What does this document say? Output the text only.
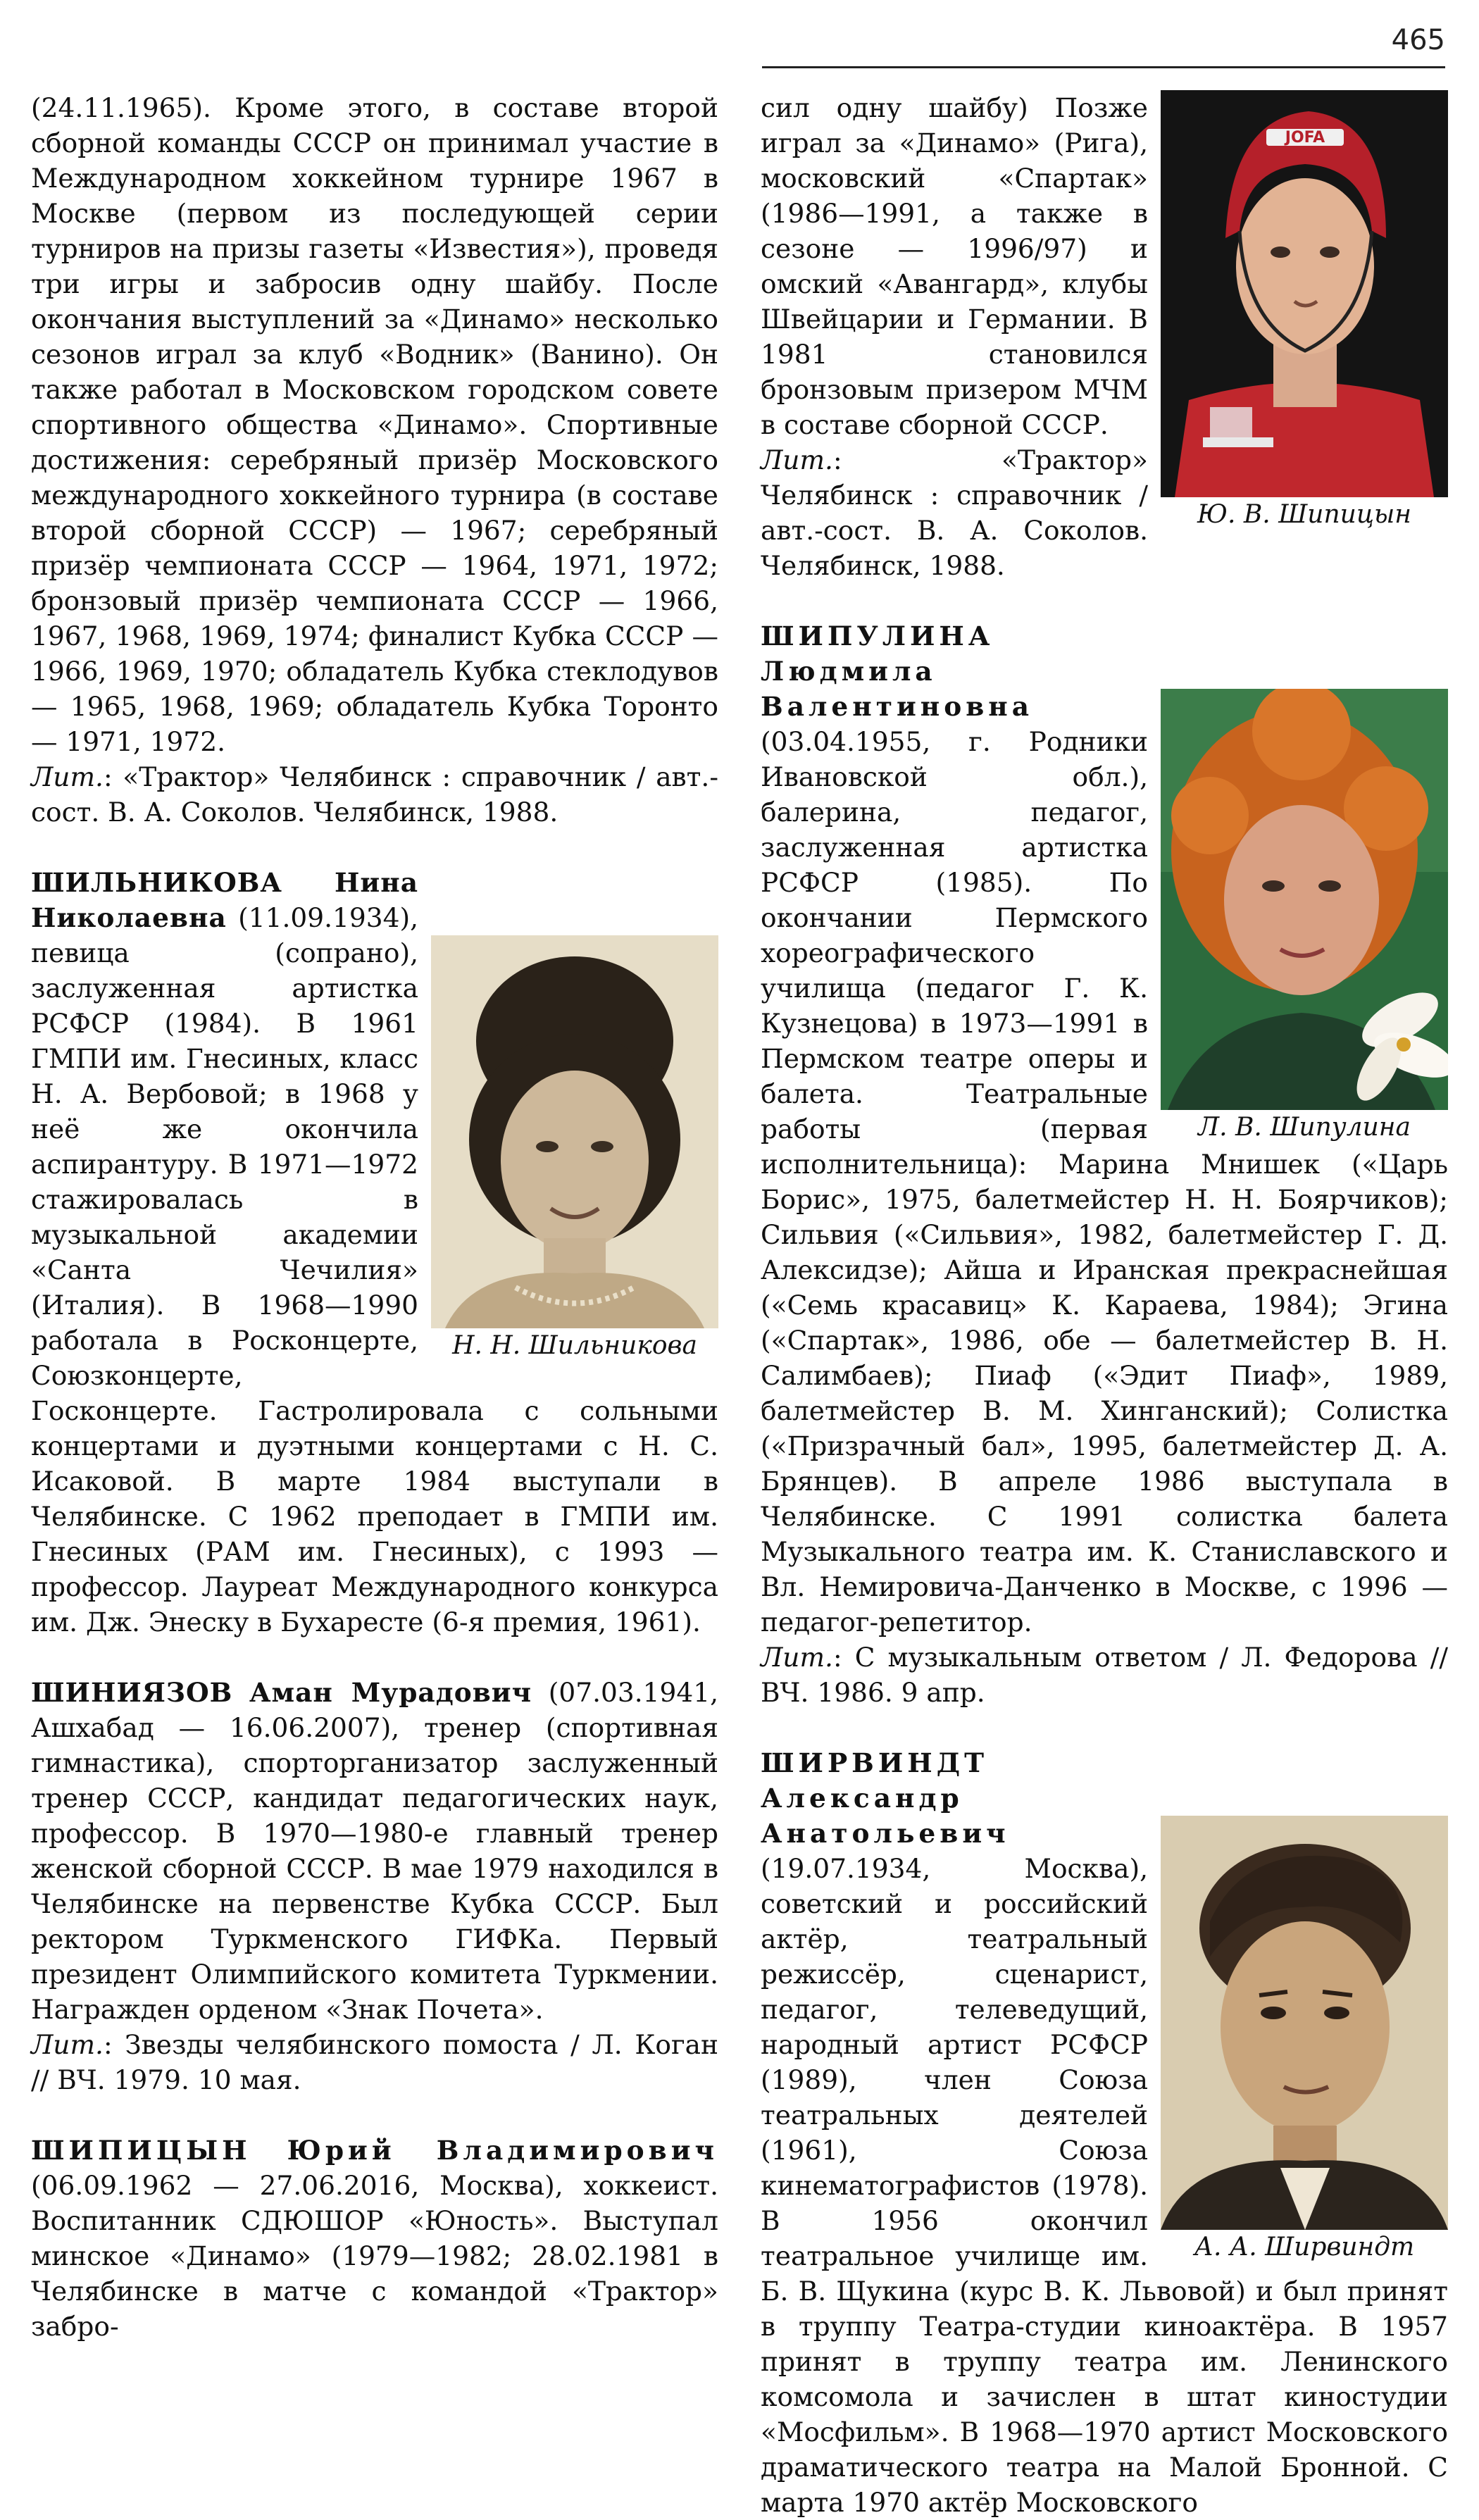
465

(24.11.1965). Кроме этого, в составе второй сборной команды СССР он принимал участие в Международном хоккейном турнире 1967 в Москве (первом из последующей серии турниров на призы газеты «Известия»), проведя три игры и забросив одну шайбу. После окончания выступлений за «Динамо» несколько сезонов играл за клуб «Водник» (Ванино). Он также работал в Московском городском совете спортивного общества «Динамо». Спортивные достижения: серебряный призёр Московского международного хоккейного турнира (в составе второй сборной СССР) — 1967; серебряный призёр чемпионата СССР — 1964, 1971, 1972; бронзовый призёр чемпионата СССР — 1966, 1967, 1968, 1969, 1974; финалист Кубка СССР — 1966, 1969, 1970; обладатель Кубка стеклодувов — 1965, 1968, 1969; обладатель Кубка Торонто — 1971, 1972.

Лит.: «Трактор» Челябинск : справочник / авт.-сост. В. А. Соколов. Челябинск, 1988.

Н. Н. Шильникова

ШИЛЬНИКОВА Нина Николаевна (11.09.1934), певица (сопрано), заслуженная артистка РСФСР (1984). В 1961 ГМПИ им. Гнесиных, класс Н. А. Вербовой; в 1968 у неё же окончила аспирантуру. В 1971—1972 стажировалась в музыкальной академии «Санта Чечилия» (Италия). В 1968—1990 работала в Росконцерте, Союзконцерте, Госконцерте. Гастролировала с сольными концертами и дуэтными концертами с Н. С. Исаковой. В марте 1984 выступали в Челябинске. С 1962 преподает в ГМПИ им. Гнесиных (РАМ им. Гнесиных), с 1993 — профессор. Лауреат Международного конкурса им. Дж. Энеску в Бухаресте (6-я премия, 1961).

ШИНИЯЗОВ Аман Мурадович (07.03.1941, Ашхабад — 16.06.2007), тренер (спортивная гимнастика), спорторганизатор заслуженный тренер СССР, кандидат педагогических наук, профессор. В 1970—1980-е главный тренер женской сборной СССР. В мае 1979 находился в Челябинске на первенстве Кубка СССР. Был ректором Туркменского ГИФКа. Первый президент Олимпийского комитета Туркмении. Награжден орденом «Знак Почета».

Лит.: Звезды челябинского помоста / Л. Коган // ВЧ. 1979. 10 мая.

ШИПИЦЫН Юрий Владимирович (06.09.1962 — 27.06.2016, Москва), хоккеист. Воспитанник СДЮШОР «Юность». Выступал минское «Динамо» (1979—1982; 28.02.1981 в Челябинске в матче с командой «Трактор» забро-

JOFA
Ю. В. Шипицын

сил одну шайбу) Позже играл за «Динамо» (Рига), московский «Спартак» (1986—1991, а также в сезоне — 1996/97) и омский «Авангард», клубы Швейцарии и Германии. В 1981 становился бронзовым призером МЧМ в составе сборной СССР.

Лит.: «Трактор» Челябинск : справочник / авт.-сост. В. А. Соколов. Челябинск, 1988.

Л. В. Шипулина

ШИПУЛИНА Людмила Валентиновна (03.04.1955, г. Родники Ивановской обл.), балерина, педагог, заслуженная артистка РСФСР (1985). По окончании Пермского хореографического училища (педагог Г. К. Кузнецова) в 1973—1991 в Пермском театре оперы и балета. Театральные работы (первая исполнительница): Марина Мнишек («Царь Борис», 1975, балетмейстер Н. Н. Боярчиков); Сильвия («Сильвия», 1982, балетмейстер Г. Д. Алексидзе); Айша и Иранская прекраснейшая («Семь красавиц» К. Караева, 1984); Эгина («Спартак», 1986, обе — балетмейстер В. Н. Салимбаев); Пиаф («Эдит Пиаф», 1989, балетмейстер В. М. Хинганский); Солистка («Призрачный бал», 1995, балетмейстер Д. А. Брянцев). В апреле 1986 выступала в Челябинске. С 1991 солистка балета Музыкального театра им. К. Станиславского и Вл. Немировича-Данченко в Москве, с 1996 — педагог-репетитор.

Лит.: С музыкальным ответом / Л. Федорова // ВЧ. 1986. 9 апр.

А. А. Ширвиндт

ШИРВИНДТ Александр Анатольевич (19.07.1934, Москва), советский и российский актёр, театральный режиссёр, сценарист, педагог, телеведущий, народный артист РСФСР (1989), член Союза театральных деятелей (1961), Союза кинематографистов (1978). В 1956 окончил театральное училище им. Б. В. Щукина (курс В. К. Львовой) и был принят в труппу Театра-студии киноактёра. В 1957 принят в труппу театра им. Ленинского комсомола и зачислен в штат киностудии «Мосфильм». В 1968—1970 артист Московского драматического театра на Малой Бронной. С марта 1970 актёр Московского
